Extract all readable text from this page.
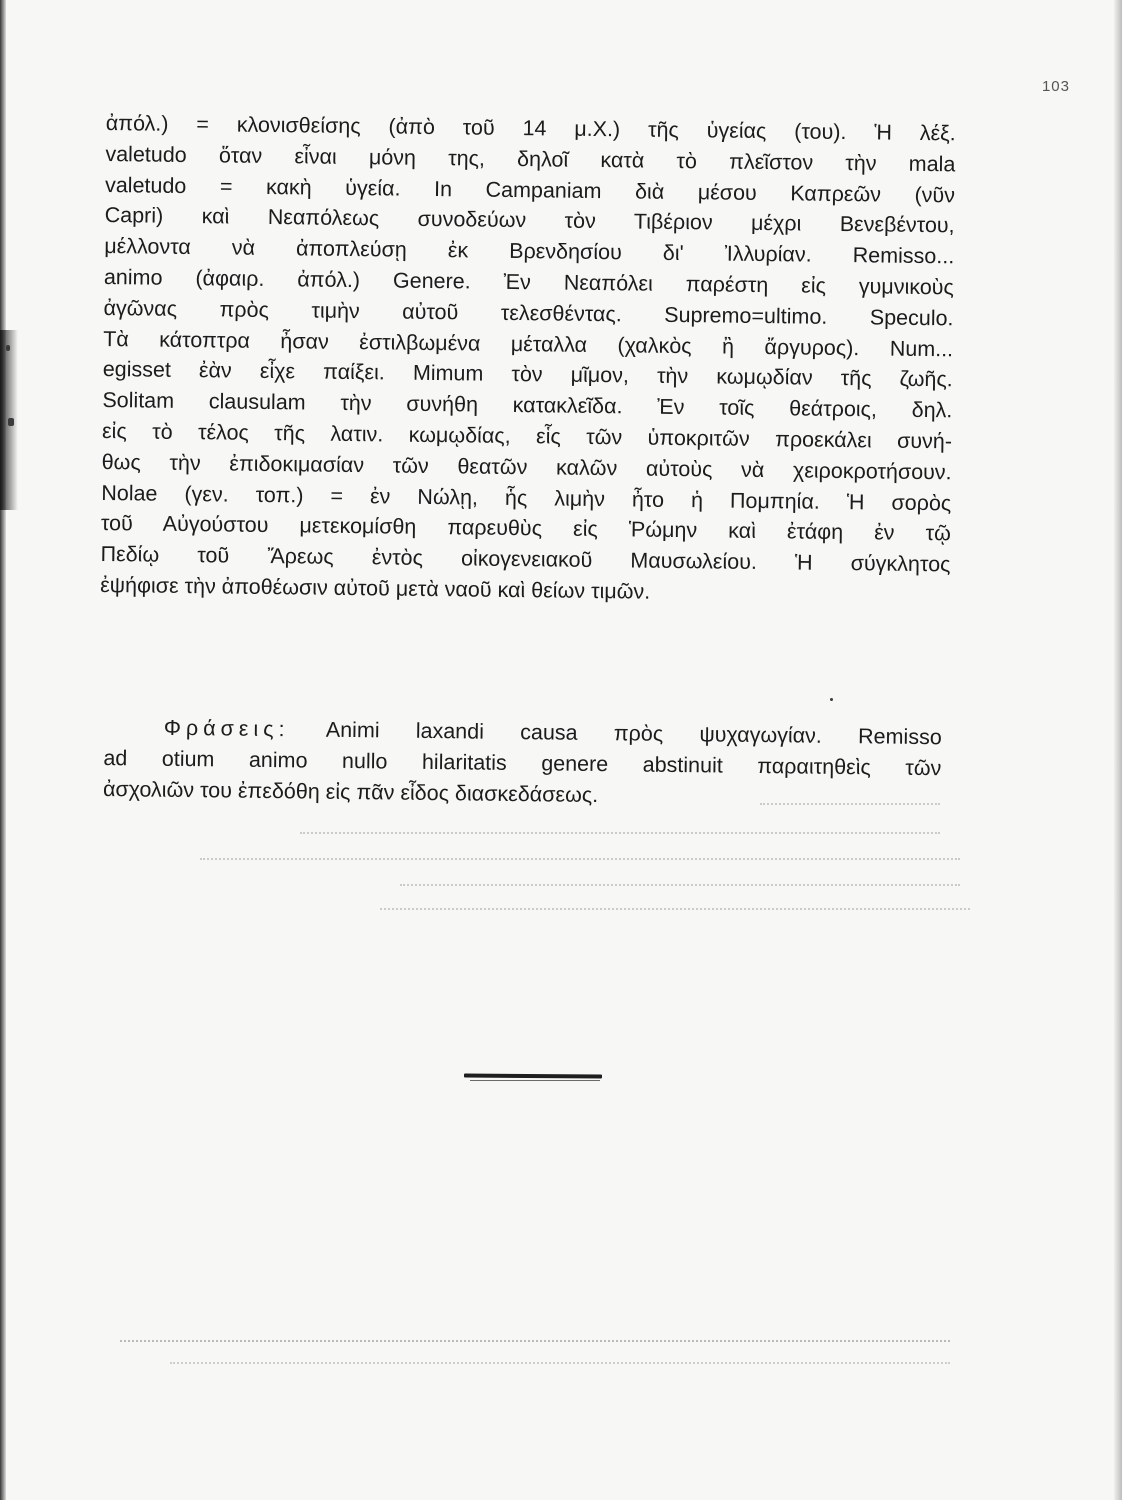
103
ἀπόλ.) = κλονισθείσης (ἀπὸ τοῦ 14 μ.Χ.) τῆς ὑγείας (του). Ἡ λέξ.
valetudo ὅταν εἶναι μόνη της, δηλοῖ κατὰ τὸ πλεῖστον τὴν mala
valetudo = κακὴ ὑγεία. In Campaniam διὰ μέσου Καπρεῶν (νῦν
Capri) καὶ Νεαπόλεως συνοδεύων τὸν Τιβέριον μέχρι Βενεβέντου,
μέλλοντα νὰ ἀποπλεύσῃ ἐκ Βρενδησίου δι' Ἰλλυρίαν. Remisso...
animo (ἀφαιρ. ἀπόλ.) Genere. Ἐν Νεαπόλει παρέστη εἰς γυμνικοὺς
ἀγῶνας πρὸς τιμὴν αὐτοῦ τελεσθέντας. Supremo=ultimo. Speculo.
Τὰ κάτοπτρα ἦσαν ἐστιλβωμένα μέταλλα (χαλκὸς ἢ ἄργυρος). Num...
egisset ἐὰν εἶχε παίξει. Mimum τὸν μῖμον, τὴν κωμῳδίαν τῆς ζωῆς.
Solitam clausulam τὴν συνήθη κατακλεῖδα. Ἐν τοῖς θεάτροις, δηλ.
εἰς τὸ τέλος τῆς λατιν. κωμῳδίας, εἷς τῶν ὑποκριτῶν προεκάλει συνή-
θως τὴν ἐπιδοκιμασίαν τῶν θεατῶν καλῶν αὐτοὺς νὰ χειροκροτήσουν.
Nolae (γεν. τοπ.) = ἐν Νώλῃ, ἧς λιμὴν ἦτο ἡ Πομπηία. Ἡ σορὸς
τοῦ Αὐγούστου μετεκομίσθη παρευθὺς εἰς Ῥώμην καὶ ἐτάφη ἐν τῷ
Πεδίῳ τοῦ Ἄρεως ἐντὸς οἰκογενειακοῦ Μαυσωλείου. Ἡ σύγκλητος
ἐψήφισε τὴν ἀποθέωσιν αὐτοῦ μετὰ ναοῦ καὶ θείων τιμῶν.
Φράσεις: Animi laxandi causa πρὸς ψυχαγωγίαν. Remisso
ad otium animo nullo hilaritatis genere abstinuit παραιτηθεὶς τῶν
ἀσχολιῶν του ἐπεδόθη εἰς πᾶν εἶδος διασκεδάσεως.
